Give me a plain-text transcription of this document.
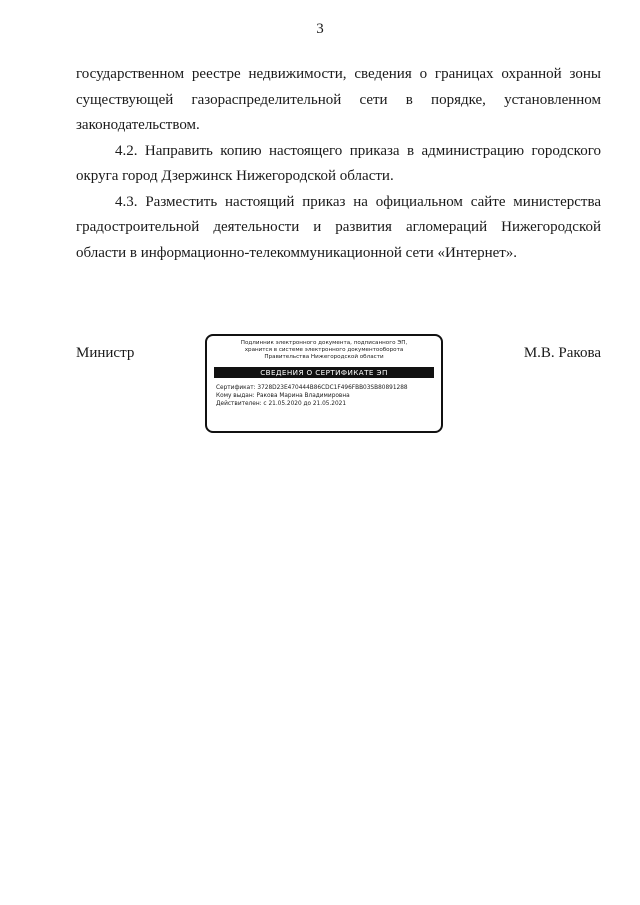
3

государственном реестре недвижимости, сведения о границах охранной зоны
существующей газораспределительной сети в порядке, установленном
законодательством.

4.2. Направить копию настоящего приказа в администрацию городского
округа город Дзержинск Нижегородской области.

4.3. Разместить настоящий приказ на официальном сайте министерства
градостроительной деятельности и развития агломераций Нижегородской
области в информационно-телекоммуникационной сети «Интернет».

Министр	М.В. Ракова
Подлинник электронного документа, подписанного ЭП,
хранится в системе электронного документооборота
Правительства Нижегородской области
СВЕДЕНИЯ О СЕРТИФИКАТЕ ЭП
Сертификат: 3728D23E470444B86CDC1F496FBB03SB80891288
Кому выдан: Ракова Марина Владимировна
Действителен: с 21.05.2020 до 21.05.2021
